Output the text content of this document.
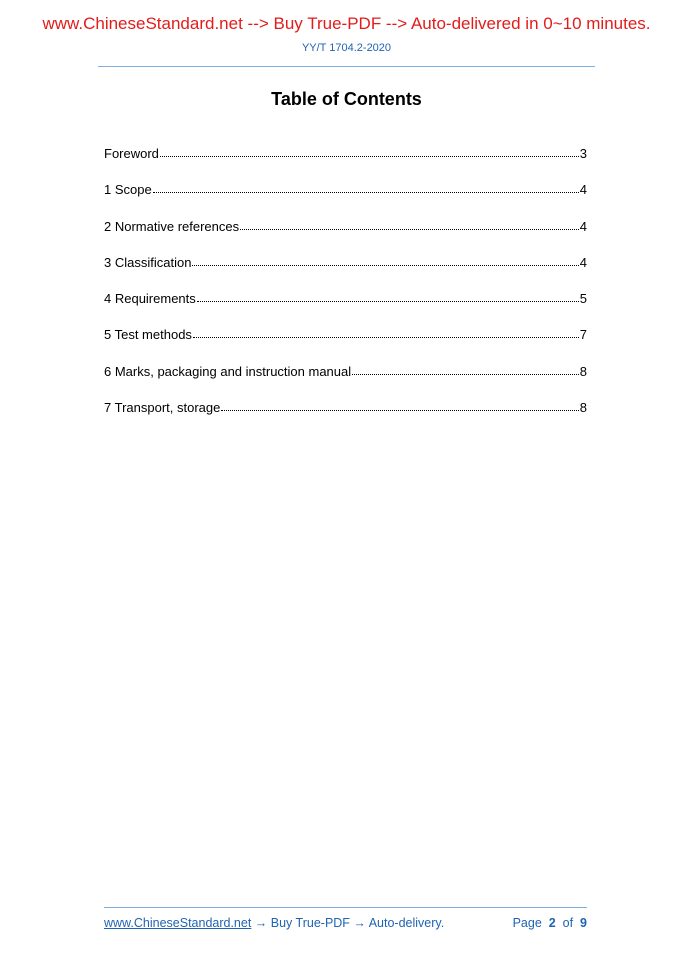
www.ChineseStandard.net --> Buy True-PDF --> Auto-delivered in 0~10 minutes.
YY/T 1704.2-2020
Table of Contents
Foreword	3
1 Scope	4
2 Normative references	4
3 Classification	4
4 Requirements	5
5 Test methods	7
6 Marks, packaging and instruction manual	8
7 Transport, storage	8
www.ChineseStandard.net → Buy True-PDF → Auto-delivery.	Page 2 of 9
